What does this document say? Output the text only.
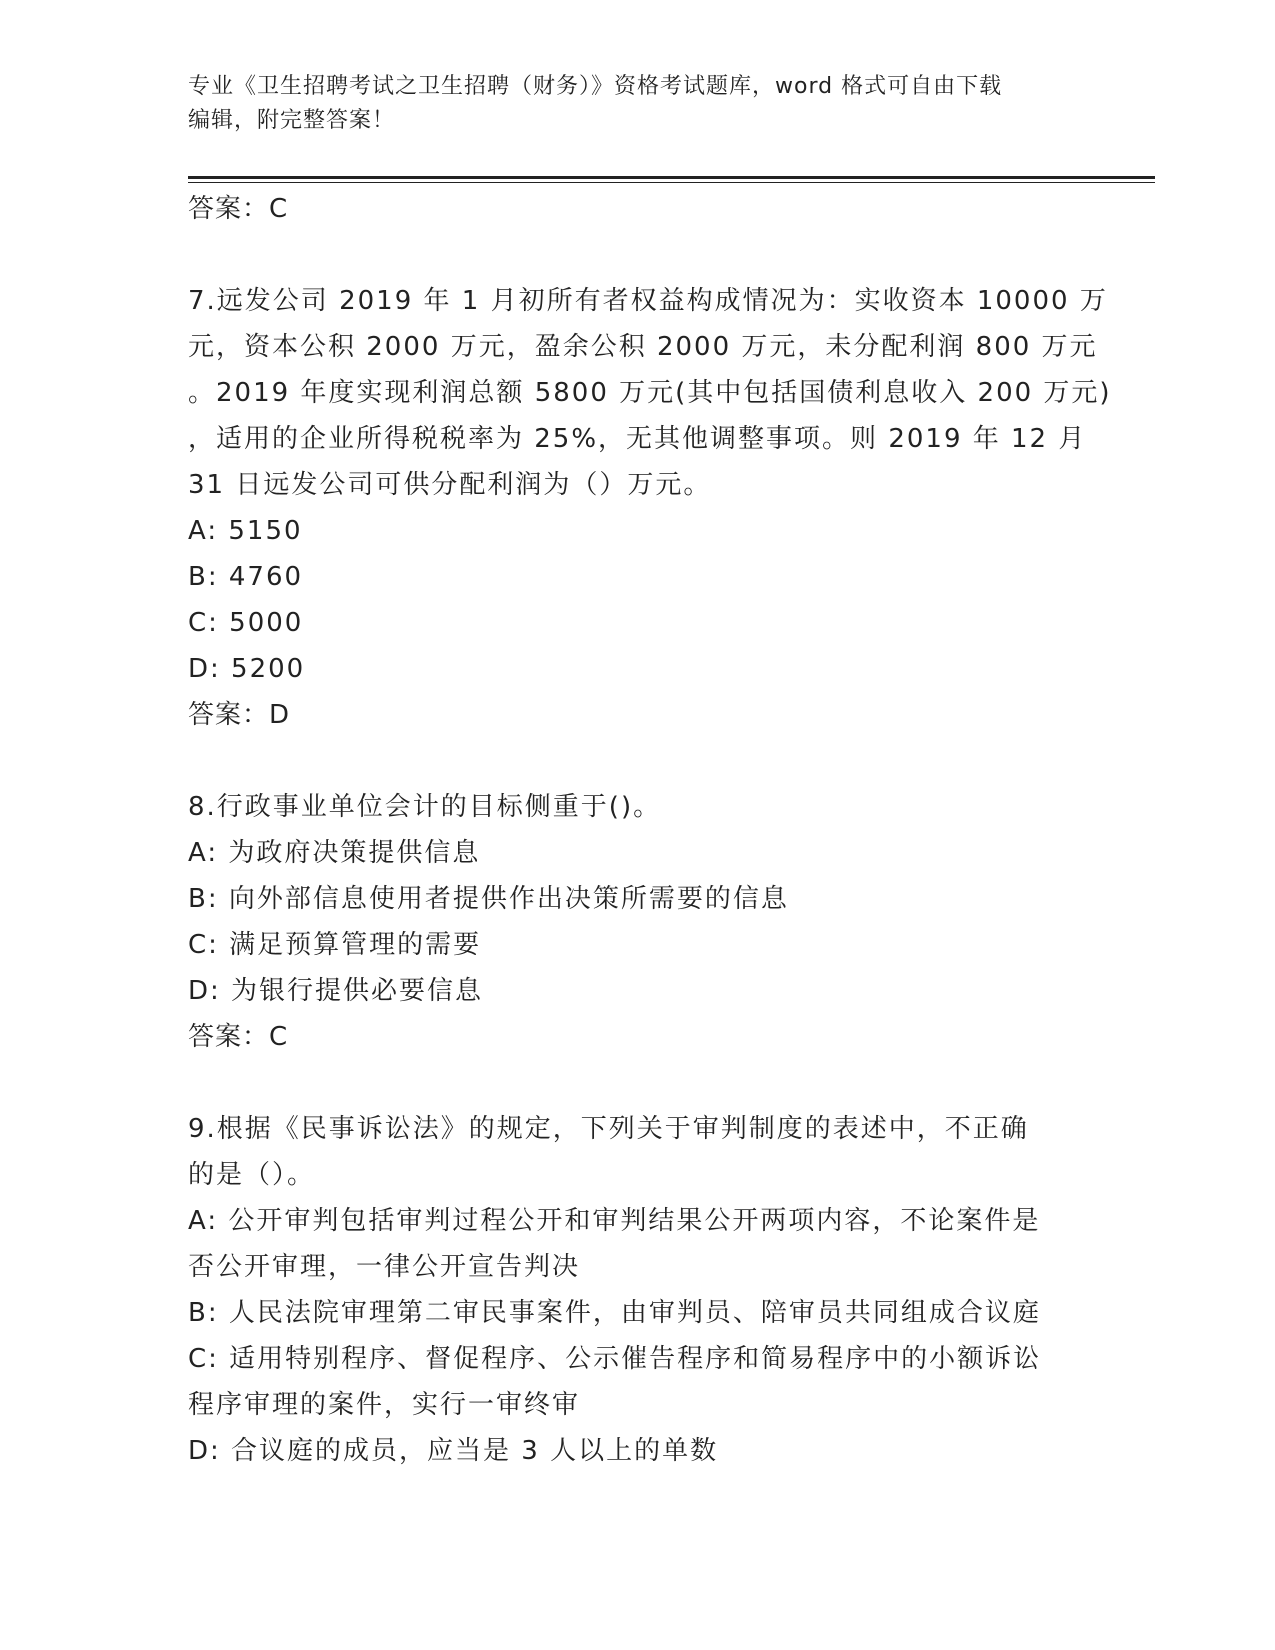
专业《卫生招聘考试之卫生招聘（财务）》资格考试题库，word 格式可自由下载
编辑，附完整答案！
答案：C
7.远发公司 2019 年 1 月初所有者权益构成情况为：实收资本 10000 万
元，资本公积 2000 万元，盈余公积 2000 万元，未分配利润 800 万元
。2019 年度实现利润总额 5800 万元(其中包括国债利息收入 200 万元)
，适用的企业所得税税率为 25%，无其他调整事项。则 2019 年 12 月
31 日远发公司可供分配利润为（）万元。
A: 5150
B: 4760
C: 5000
D: 5200
答案：D
8.行政事业单位会计的目标侧重于()。
A: 为政府决策提供信息
B: 向外部信息使用者提供作出决策所需要的信息
C: 满足预算管理的需要
D: 为银行提供必要信息
答案：C
9.根据《民事诉讼法》的规定，下列关于审判制度的表述中，不正确
的是（）。
A: 公开审判包括审判过程公开和审判结果公开两项内容，不论案件是
否公开审理，一律公开宣告判决
B: 人民法院审理第二审民事案件，由审判员、陪审员共同组成合议庭
C: 适用特别程序、督促程序、公示催告程序和简易程序中的小额诉讼
程序审理的案件，实行一审终审
D: 合议庭的成员，应当是 3 人以上的单数
